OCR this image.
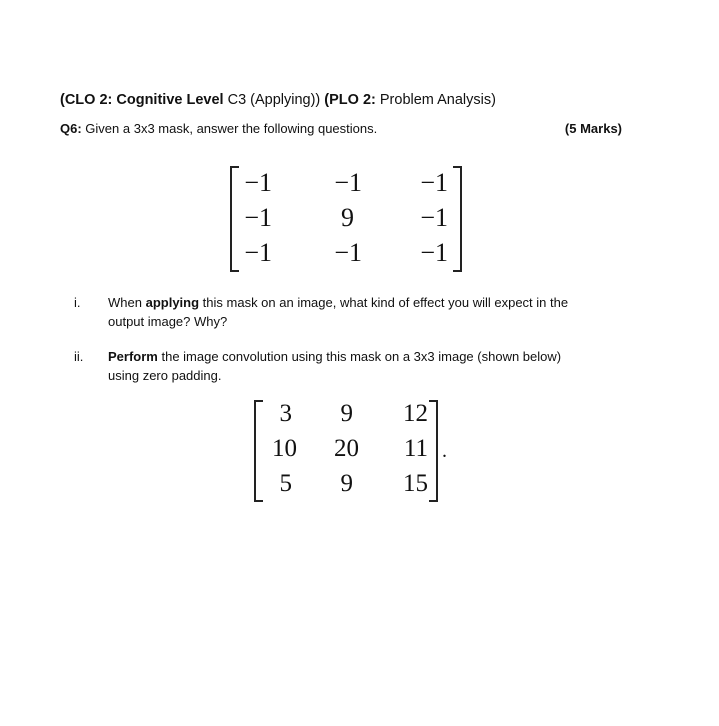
(CLO 2: Cognitive Level C3 (Applying)) (PLO 2: Problem Analysis)
Q6: Given a 3x3 mask, answer the following questions.	(5 Marks)
−1 −1 −1
−1	9	−1
−1 −1 −1
i. When applying this mask on an image, what kind of effect you will expect in the
output image? Why?
ii. Perform the image convolution using this mask on a 3x3 image (shown below)
using zero padding.
3 9 12
10 20 11
5 9 15
.
